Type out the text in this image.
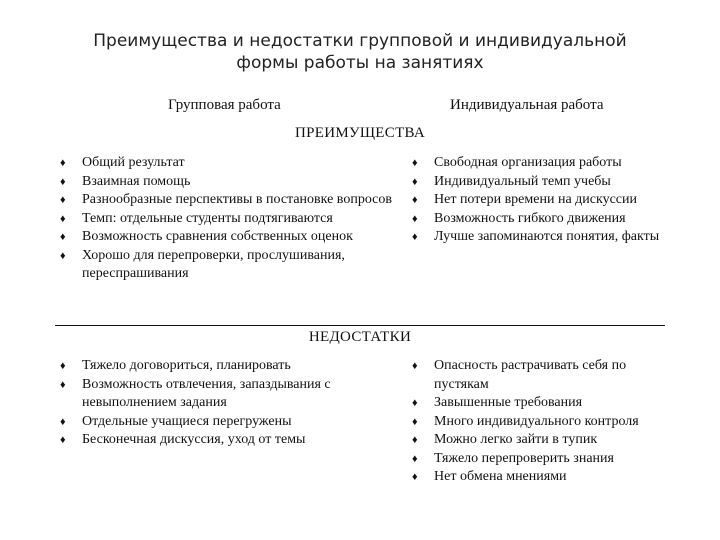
Преимущества и недостатки групповой и индивидуальной
формы работы на занятиях
Групповая работа	Индивидуальная работа
ПРЕИМУЩЕСТВА
♦ Общий результат
♦ Взаимная помощь
♦ Разнообразные перспективы в постановке вопросов
♦ Темп: отдельные студенты подтягиваются
♦ Возможность сравнения собственных оценок
♦ Хорошо для перепроверки, прослушивания, переспрашивания
♦ Свободная организация работы
♦ Индивидуальный темп учебы
♦ Нет потери времени на дискуссии
♦ Возможность гибкого движения
♦ Лучше запоминаются понятия, факты
НЕДОСТАТКИ
♦ Тяжело договориться, планировать
♦ Возможность отвлечения, запаздывания с невыполнением задания
♦ Отдельные учащиеся перегружены
♦ Бесконечная дискуссия, уход от темы
♦ Опасность растрачивать себя по пустякам
♦ Завышенные требования
♦ Много индивидуального контроля
♦ Можно легко зайти в тупик
♦ Тяжело перепроверить знания
♦ Нет обмена мнениями
